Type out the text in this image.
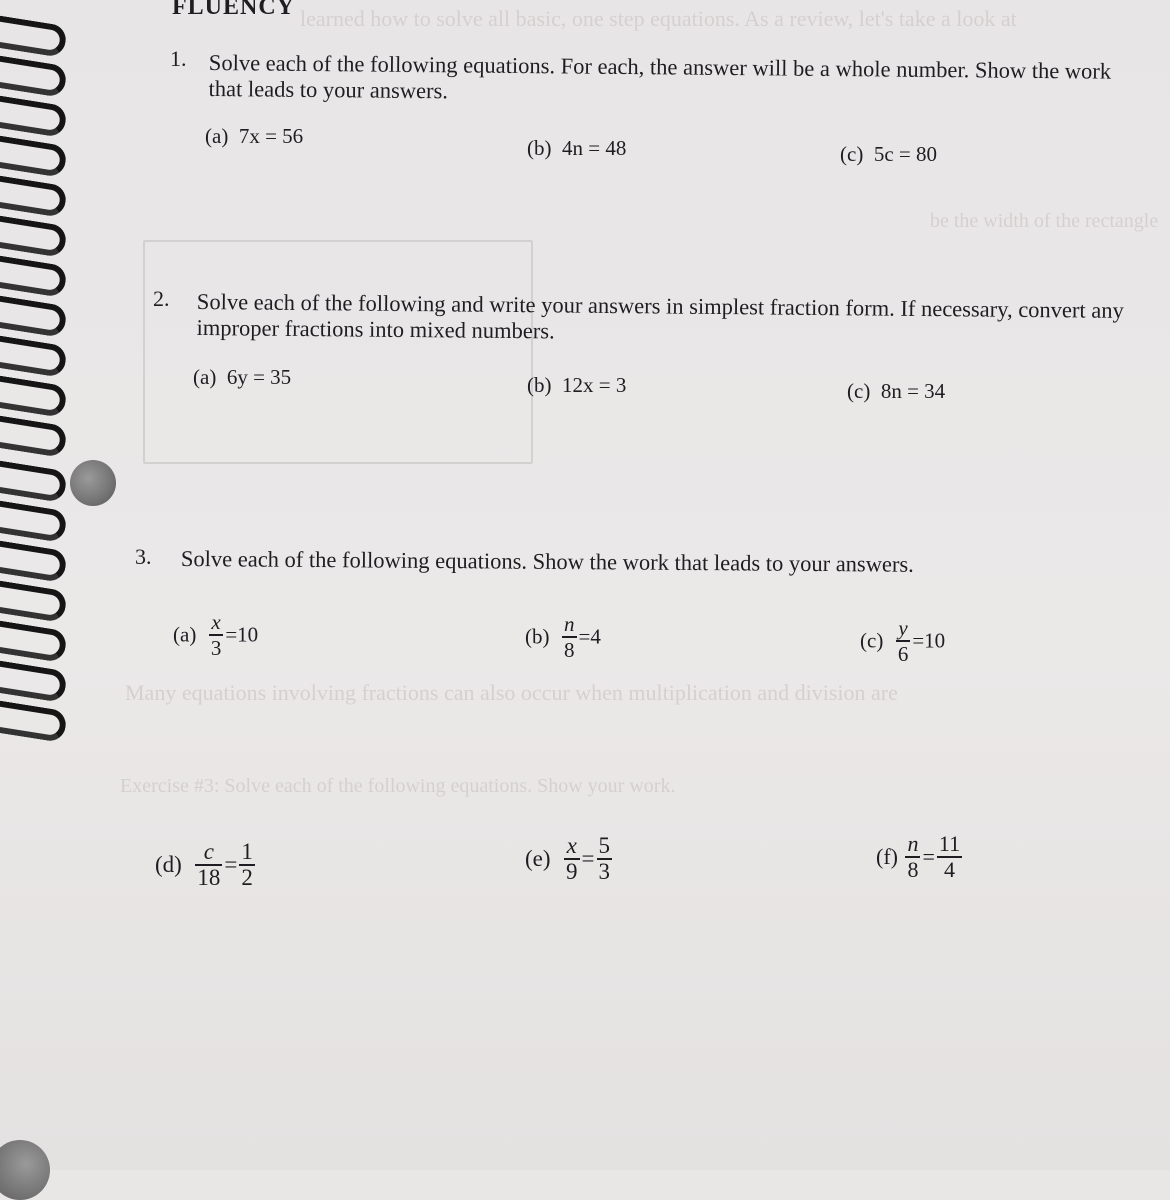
learned how to solve all basic, one step equations. As a review, let's take a look at
be the width of the rectangle
Many equations involving fractions can also occur when multiplication and division are
Exercise #3: Solve each of the following equations. Show your work.
FLUENCY
1. Solve each of the following equations. For each, the answer will be a whole number. Show the work that leads to your answers.
(a) 7x = 56	(b) 4n = 48	(c) 5c = 80
2. Solve each of the following and write your answers in simplest fraction form. If necessary, convert any improper fractions into mixed numbers.
(a) 6y = 35	(b) 12x = 3	(c) 8n = 34
3. Solve each of the following equations. Show the work that leads to your answers.
$(a) \frac{x}{3} =10$	$(b) \frac{n}{8} =4$	$(c) \frac{y}{6} =10$
$(d) \frac{c}{18} = \frac{1}{2}$	$(e) \frac{x}{9} = \frac{5}{3}$	$(f) \frac{n}{8} = \frac{11}{4}$
